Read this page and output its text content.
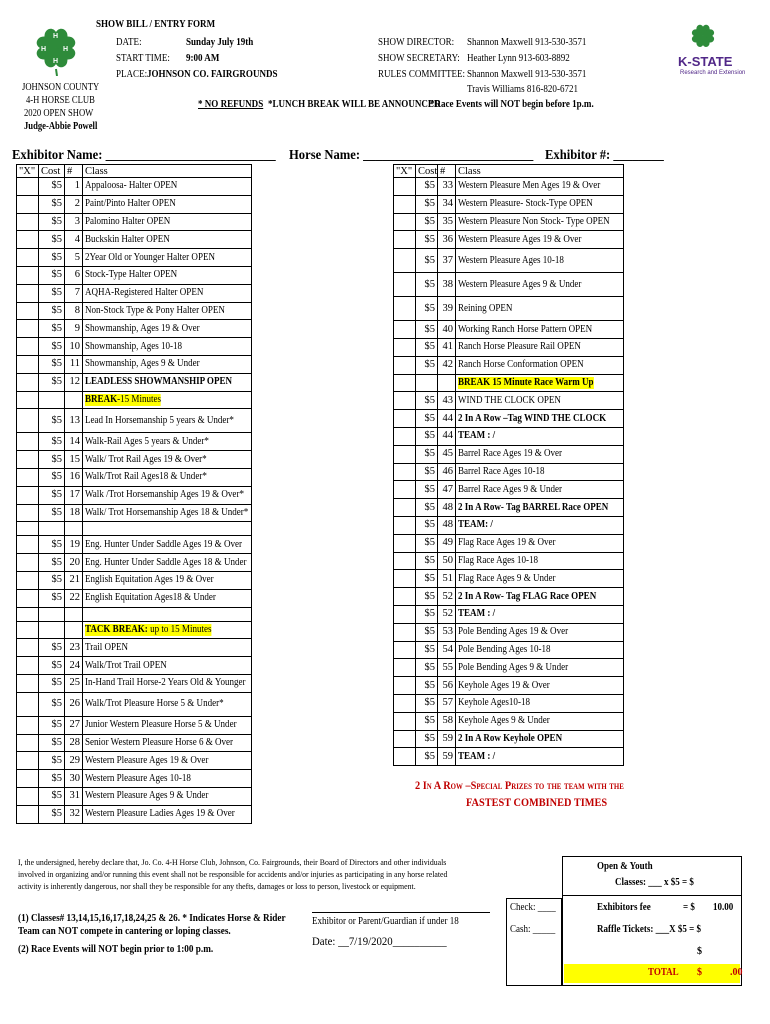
H
H
H
H
K-STATE
Research and Extension
SHOW BILL / ENTRY FORM
DATE:	Sunday July 19th
START TIME: 9:00 AM
PLACE: JOHNSON CO. FAIRGROUNDS
JOHNSON COUNTY
4-H HORSE CLUB
2020 OPEN SHOW
Judge-Abbie Powell
SHOW DIRECTOR: Shannon Maxwell 913-530-3571
SHOW SECRETARY: Heather Lynn 913-603-8892
RULES COMMITTEE: Shannon Maxwell 913-530-3571
Travis Williams 816-820-6721
* NO REFUNDS *LUNCH BREAK WILL BE ANNOUNCED
*Race Events will NOT begin before 1p.m.
Exhibitor Name: ___________________________ Horse Name: ___________________________ Exhibitor #: ________
"X"	Cost	#	Class
	$5	1	Appaloosa- Halter OPEN
	$5	2	Paint/Pinto Halter OPEN
	$5	3	Palomino Halter OPEN
	$5	4	Buckskin Halter OPEN
	$5	5	2Year Old or Younger Halter OPEN
	$5	6	Stock-Type Halter OPEN
	$5	7	AQHA-Registered Halter OPEN
	$5	8	Non-Stock Type & Pony Halter OPEN
	$5	9	Showmanship, Ages 19 & Over
	$5	10	Showmanship, Ages 10-18
	$5	11	Showmanship, Ages 9 & Under
	$5	12	LEADLESS SHOWMANSHIP OPEN
			BREAK-15 Minutes
	$5	13	Lead In Horsemanship 5 years & Under*
	$5	14	Walk-Rail Ages 5 years & Under*
	$5	15	Walk/ Trot Rail Ages 19 & Over*
	$5	16	Walk/Trot Rail Ages18 & Under*
	$5	17	Walk /Trot Horsemanship Ages 19 & Over*
	$5	18	Walk/ Trot Horsemanship Ages 18 & Under*

	$5	19	Eng. Hunter Under Saddle Ages 19 & Over
	$5	20	Eng. Hunter Under Saddle Ages 18 & Under
	$5	21	English Equitation Ages 19 & Over
	$5	22	English Equitation Ages18 & Under

			TACK BREAK: up to 15 Minutes
	$5	23	Trail OPEN
	$5	24	Walk/Trot Trail OPEN
	$5	25	In-Hand Trail Horse-2 Years Old & Younger
	$5	26	Walk/Trot Pleasure Horse 5 & Under*
	$5	27	Junior Western Pleasure Horse 5 & Under
	$5	28	Senior Western Pleasure Horse 6 & Over
	$5	29	Western Pleasure Ages 19 & Over
	$5	30	Western Pleasure Ages 10-18
	$5	31	Western Pleasure Ages 9 & Under
	$5	32	Western Pleasure Ladies Ages 19 & Over
"X"	Cost	#	Class
	$5	33	Western Pleasure Men Ages 19 & Over
	$5	34	Western Pleasure- Stock-Type OPEN
	$5	35	Western Pleasure Non Stock- Type OPEN
	$5	36	Western Pleasure Ages 19 & Over
	$5	37	Western Pleasure Ages 10-18
	$5	38	Western Pleasure Ages 9 & Under
	$5	39	Reining OPEN
	$5	40	Working Ranch Horse Pattern OPEN
	$5	41	Ranch Horse Pleasure Rail OPEN
	$5	42	Ranch Horse Conformation OPEN
			BREAK 15 Minute Race Warm Up
	$5	43	WIND THE CLOCK OPEN
	$5	44	2 In A Row –Tag WIND THE CLOCK
	$5	44	TEAM : /
	$5	45	Barrel Race Ages 19 & Over
	$5	46	Barrel Race Ages 10-18
	$5	47	Barrel Race Ages 9 & Under
	$5	48	2 In A Row- Tag BARREL Race OPEN
	$5	48	TEAM: /
	$5	49	Flag Race Ages 19 & Over
	$5	50	Flag Race Ages 10-18
	$5	51	Flag Race Ages 9 & Under
	$5	52	2 In A Row- Tag FLAG Race OPEN
	$5	52	TEAM : /
	$5	53	Pole Bending Ages 19 & Over
	$5	54	Pole Bending Ages 10-18
	$5	55	Pole Bending Ages 9 & Under
	$5	56	Keyhole Ages 19 & Over
	$5	57	Keyhole Ages10-18
	$5	58	Keyhole Ages 9 & Under
	$5	59	2 In A Row Keyhole OPEN
	$5	59	TEAM : /
2 In A Row –Special Prizes to the team with the
FASTEST COMBINED TIMES
I, the undersigned, hereby declare that, Jo. Co. 4-H Horse Club, Johnson, Co. Fairgrounds, their Board of Directors and other individuals involved in organizing and/or running this event shall not be responsible for accidents and/or injuries as participating in any horse related activity is inherently dangerous, nor shall they be responsible for any thefts, damages or loss to person, livestock or equipment.
(1) Classes# 13,14,15,16,17,18,24,25 & 26. * Indicates Horse & Rider Team can NOT compete in cantering or loping classes.
(2) Race Events will NOT begin prior to 1:00 p.m.
Exhibitor or Parent/Guardian if under 18
Date: __7/19/2020__________
Check: ____
Cash: _____
Open & Youth
Classes: ___ x $5 = $
Exhibitors fee	= $ 10.00
Raffle Tickets: ___X $5 = $
$
TOTAL $	.00
